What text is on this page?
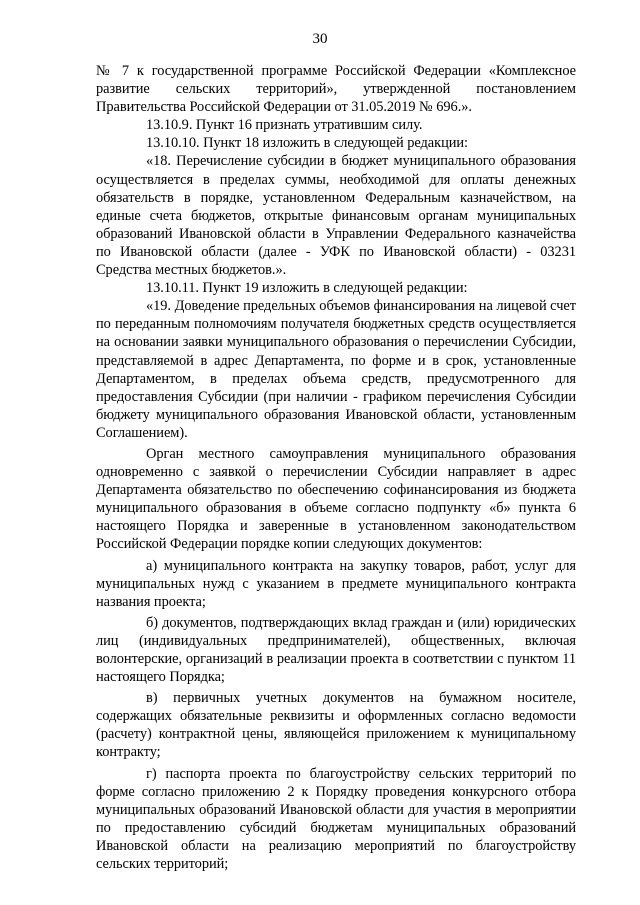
30

№ 7 к государственной программе Российской Федерации «Комплексное развитие сельских территорий», утвержденной постановлением Правительства Российской Федерации от 31.05.2019 № 696.».

13.10.9. Пункт 16 признать утратившим силу.

13.10.10. Пункт 18 изложить в следующей редакции:

«18. Перечисление субсидии в бюджет муниципального образования осуществляется в пределах суммы, необходимой для оплаты денежных обязательств в порядке, установленном Федеральным казначейством, на единые счета бюджетов, открытые финансовым органам муниципальных образований Ивановской области в Управлении Федерального казначейства по Ивановской области (далее - УФК по Ивановской области) - 03231 Средства местных бюджетов.».

13.10.11. Пункт 19 изложить в следующей редакции:

«19. Доведение предельных объемов финансирования на лицевой счет по переданным полномочиям получателя бюджетных средств осуществляется на основании заявки муниципального образования о перечислении Субсидии, представляемой в адрес Департамента, по форме и в срок, установленные Департаментом, в пределах объема средств, предусмотренного для предоставления Субсидии (при наличии - графиком перечисления Субсидии бюджету муниципального образования Ивановской области, установленным Соглашением).

Орган местного самоуправления муниципального образования одновременно с заявкой о перечислении Субсидии направляет в адрес Департамента обязательство по обеспечению софинансирования из бюджета муниципального образования в объеме согласно подпункту «б» пункта 6 настоящего Порядка и заверенные в установленном законодательством Российской Федерации порядке копии следующих документов:

а) муниципального контракта на закупку товаров, работ, услуг для муниципальных нужд с указанием в предмете муниципального контракта названия проекта;

б) документов, подтверждающих вклад граждан и (или) юридических лиц (индивидуальных предпринимателей), общественных, включая волонтерские, организаций в реализации проекта в соответствии с пунктом 11 настоящего Порядка;

в) первичных учетных документов на бумажном носителе, содержащих обязательные реквизиты и оформленных согласно ведомости (расчету) контрактной цены, являющейся приложением к муниципальному контракту;

г) паспорта проекта по благоустройству сельских территорий по форме согласно приложению 2 к Порядку проведения конкурсного отбора муниципальных образований Ивановской области для участия в мероприятии по предоставлению субсидий бюджетам муниципальных образований Ивановской области на реализацию мероприятий по благоустройству сельских территорий;
